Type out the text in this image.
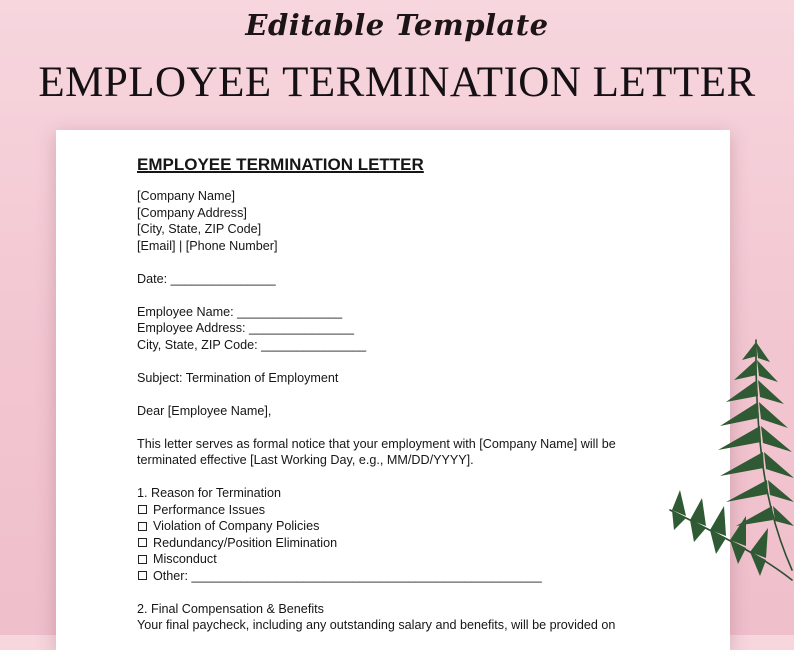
Editable Template
EMPLOYEE TERMINATION LETTER
EMPLOYEE TERMINATION LETTER
[Company Name]
[Company Address]
[City, State, ZIP Code]
[Email] | [Phone Number]
Date: _______________
Employee Name: _______________
Employee Address: _______________
City, State, ZIP Code: _______________
Subject: Termination of Employment
Dear [Employee Name],
This letter serves as formal notice that your employment with [Company Name] will be
terminated effective [Last Working Day, e.g., MM/DD/YYYY].
1. Reason for Termination
Performance Issues
Violation of Company Policies
Redundancy/Position Elimination
Misconduct
Other: __________________________________________________
2. Final Compensation & Benefits
Your final paycheck, including any outstanding salary and benefits, will be provided on
